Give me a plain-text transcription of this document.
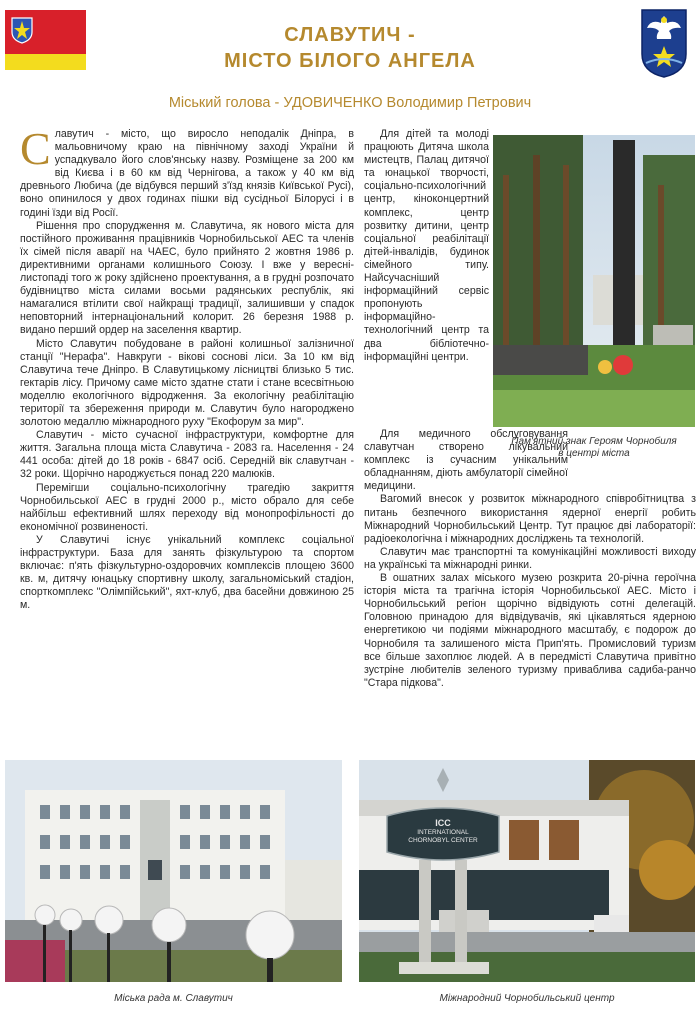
СЛАВУТИЧ -
МІСТО БІЛОГО АНГЕЛА
Міський голова - УДОВИЧЕНКО Володимир Петрович

Славутич - місто, що виросло неподалік Дніпра, в мальовничому краю на північному заході України й успадкувало його слов'янську назву. Розміщене за 200 км від Києва і в 60 км від Чернігова, а також у 40 км від древнього Любича (де відбувся перший з'їзд князів Київської Русі), воно опинилося у двох годинах пішки від сусідньої Білорусі і в годині їзди від Росії.

Рішення про спорудження м. Славутича, як нового міста для постійного проживання працівників Чорнобильської АЕС та членів їх сімей після аварії на ЧАЕС, було прийнято 2 жовтня 1986 р. директивними органами колишнього Союзу. І вже у вересні-листопаді того ж року здійснено проектування, а в грудні розпочато будівництво міста силами восьми радянських республік, які намагалися втілити свої найкращі традиції, залишивши у спадок неповторний інтернаціональний колорит. 26 березня 1988 р. видано перший ордер на заселення квартир.

Місто Славутич побудоване в районі колишньої залізничної станції "Нерафа". Навкруги - вікові соснові ліси. За 10 км від Славутича тече Дніпро. В Славутицькому лісництві близько 5 тис. гектарів лісу. Причому саме місто здатне стати і стане всесвітньою моделлю екологічного відродження. За екологічну реабілітацію території та збереження природи м. Славутич було нагороджено золотою медаллю міжнародного руху "Екофорум за мир".

Славутич - місто сучасної інфраструктури, комфортне для життя. Загальна площа міста Славутича - 2083 га. Населення - 24 441 особа: дітей до 18 років - 6847 осіб. Середній вік славутчан - 32 роки. Щорічно народжується понад 220 малюків.

Перемігши соціально-психологічну трагедію закриття Чорнобильської АЕС в грудні 2000 р., місто обрало для себе найбільш ефективний шлях переходу від монопрофільності до економічної розвиненості.

У Славутичі існує унікальний комплекс соціальної інфраструктури. База для занять фізкультурою та спортом включає: п'ять фізкультурно-оздоровчих комплексів площею 3600 кв. м, дитячу юнацьку спортивну школу, загальноміський стадіон, спорткомплекс "Олімпійський", яхт-клуб, два басейни довжиною 25 м.

Для дітей та молоді працюють Дитяча школа мистецтв, Палац дитячої та юнацької творчості, соціально-психологічний центр, кіноконцертний комплекс, центр розвитку дитини, центр соціальної реабілітації дітей-інвалідів, будинок сімейного типу. Найсучасніший інформаційний сервіс пропонують інформаційно-технологічний центр та два бібліотечно-інформаційні центри.

Пам'ятний знак Героям Чорнобиля
в центрі міста

Для медичного обслуговування славутчан створено лікувальний комплекс із сучасним унікальним обладнанням, діють амбулаторії сімейної медицини.

Вагомий внесок у розвиток міжнародного співробітництва з питань безпечного використання ядерної енергії робить Міжнародний Чорнобильський Центр. Тут працює дві лабораторії: радіоекологічна і міжнародних досліджень та технологій.

Славутич має транспортні та комунікаційні можливості виходу на українські та міжнародні ринки.

В ошатних залах міського музею розкрита 20-річна героїчна історія міста та трагічна історія Чорнобильської АЕС. Місто і Чорнобильський регіон щорічно відвідують сотні делегацій. Головною принадою для відвідувачів, які цікавляться ядерною енергетикою чи подіями міжнародного масштабу, є подорож до Чорнобиля та залишеного міста Прип'ять. Промисловий туризм все більше захоплює людей. А в передмісті Славутича привітно зустріне любителів зеленого туризму приваблива садиба-ранчо "Стара підкова".

Міська рада м. Славутич
ICC
INTERNATIONAL
CHORNOBYL CENTER
Міжнародний Чорнобильський центр
